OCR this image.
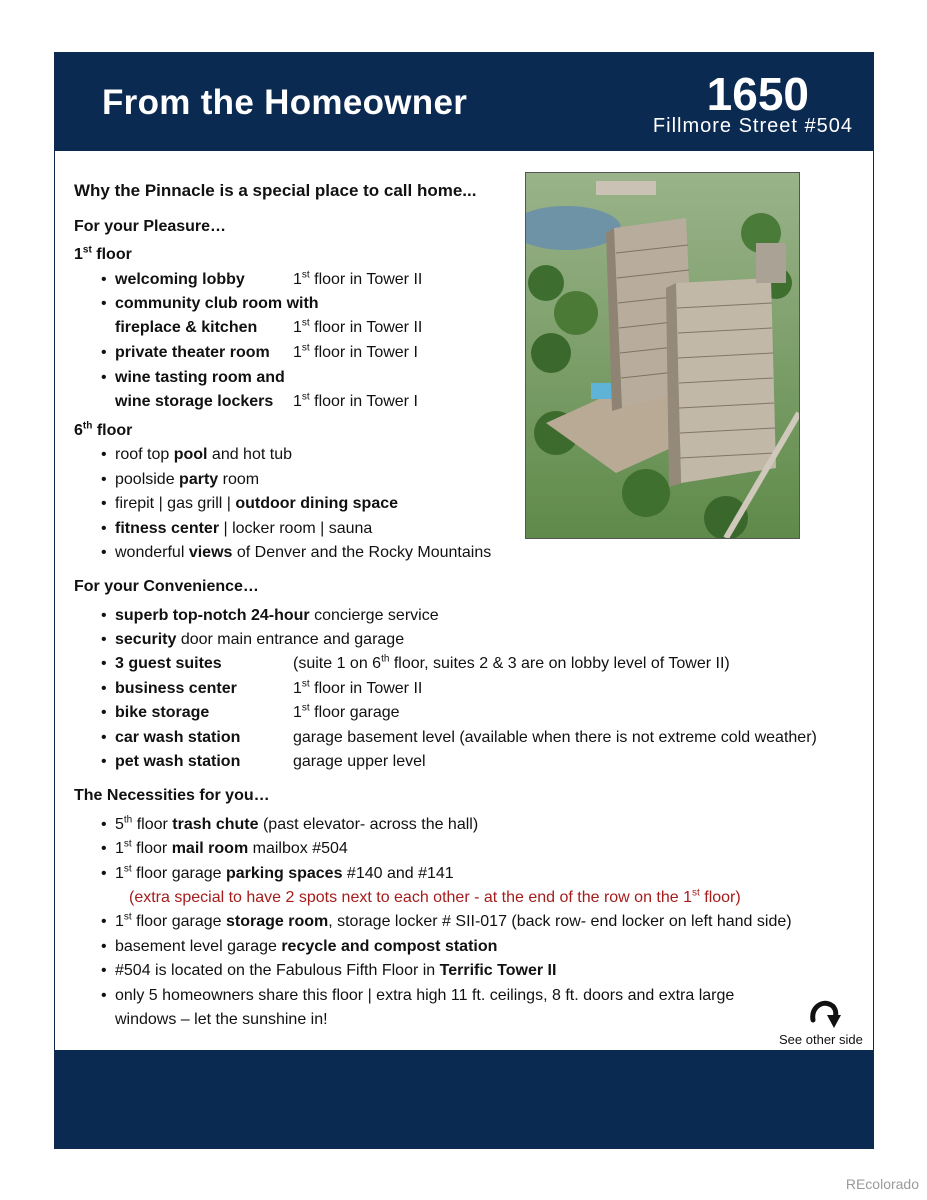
From the Homeowner	1650
Fillmore Street #504
Why the Pinnacle is a special place to call home...
For your Pleasure…
1st floor
• welcoming lobby	1st floor in Tower II
• community club room with
fireplace & kitchen 1st floor in Tower II
• private theater room 1st floor in Tower I
• wine tasting room and
wine storage lockers 1st floor in Tower I
6th floor
• roof top pool and hot tub
• poolside party room
• firepit | gas grill | outdoor dining space
• fitness center | locker room | sauna
• wonderful views of Denver and the Rocky Mountains
For your Convenience…
• superb top-notch 24-hour concierge service
• security door main entrance and garage
• 3 guest suites	(suite 1 on 6th floor, suites 2 & 3 are on lobby level of Tower II)
• business center	1st floor in Tower II
• bike storage	1st floor garage
• car wash station	garage basement level (available when there is not extreme cold weather)
• pet wash station	garage upper level
The Necessities for you…
• 5th floor trash chute (past elevator- across the hall)
• 1st floor mail room mailbox #504
• 1st floor garage parking spaces #140 and #141
(extra special to have 2 spots next to each other - at the end of the row on the 1st floor)
• 1st floor garage storage room, storage locker # SII-017 (back row- end locker on left hand side)
• basement level garage recycle and compost station
• #504 is located on the Fabulous Fifth Floor in Terrific Tower II
• only 5 homeowners share this floor | extra high 11 ft. ceilings, 8 ft. doors and extra large
windows – let the sunshine in!
See other side
REcolorado
